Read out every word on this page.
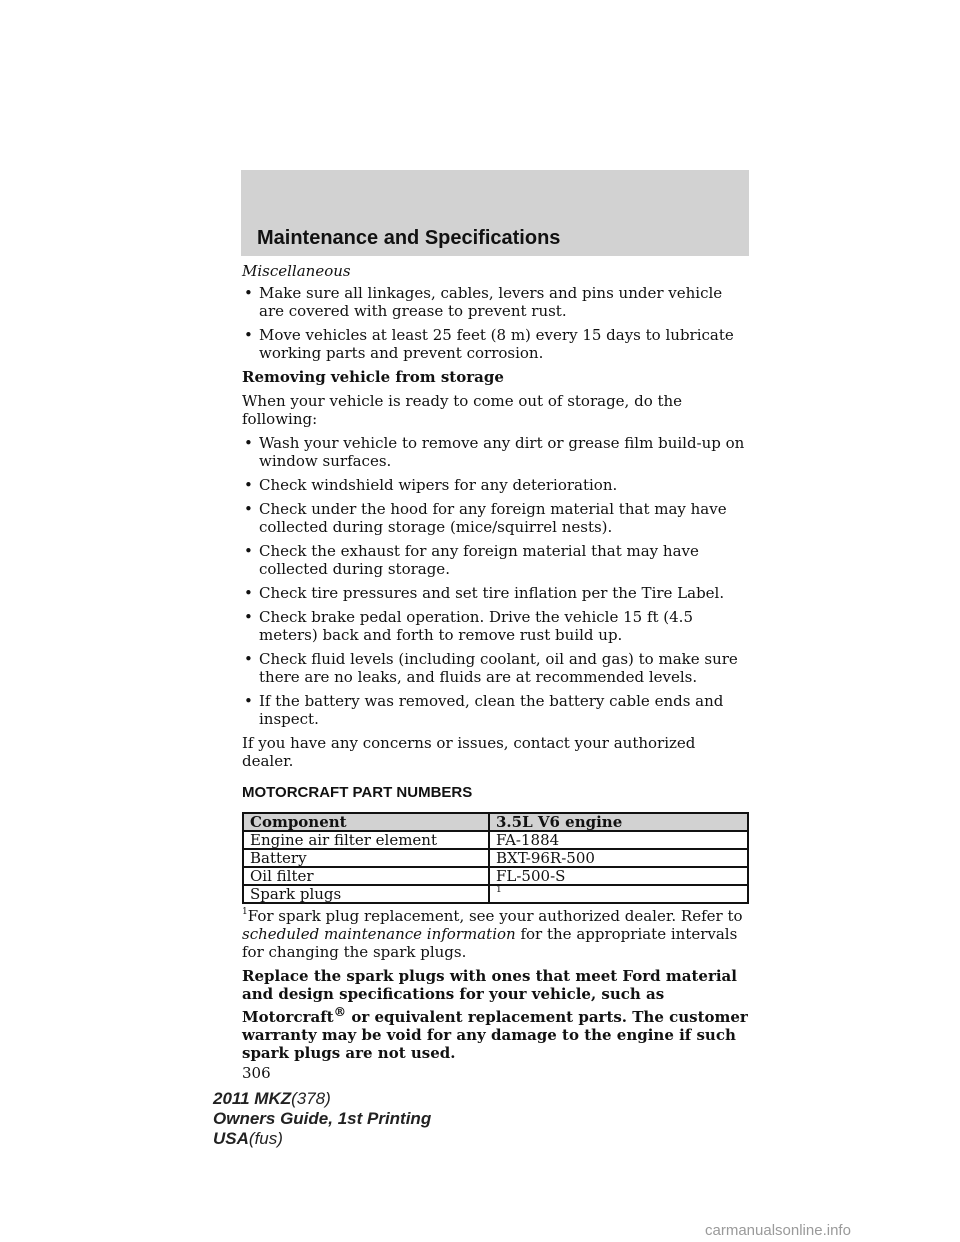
Maintenance and Specifications

Miscellaneous

• Make sure all linkages, cables, levers and pins under vehicle are covered with grease to prevent rust.
• Move vehicles at least 25 feet (8 m) every 15 days to lubricate working parts and prevent corrosion.

Removing vehicle from storage

When your vehicle is ready to come out of storage, do the following:

• Wash your vehicle to remove any dirt or grease film build-up on window surfaces.
• Check windshield wipers for any deterioration.
• Check under the hood for any foreign material that may have collected during storage (mice/squirrel nests).
• Check the exhaust for any foreign material that may have collected during storage.
• Check tire pressures and set tire inflation per the Tire Label.
• Check brake pedal operation. Drive the vehicle 15 ft (4.5 meters) back and forth to remove rust build up.
• Check fluid levels (including coolant, oil and gas) to make sure there are no leaks, and fluids are at recommended levels.
• If the battery was removed, clean the battery cable ends and inspect.

If you have any concerns or issues, contact your authorized dealer.

MOTORCRAFT PART NUMBERS

Component	3.5L V6 engine
Engine air filter element	FA-1884
Battery	BXT-96R-500
Oil filter	FL-500-S
Spark plugs	$^1$

$^1$For spark plug replacement, see your authorized dealer. Refer to scheduled maintenance information for the appropriate intervals for changing the spark plugs.

Replace the spark plugs with ones that meet Ford material and design specifications for your vehicle, such as Motorcraft® or equivalent replacement parts. The customer warranty may be void for any damage to the engine if such spark plugs are not used.

306

2011 MKZ(378)
Owners Guide, 1st Printing
USA(fus)
carmanualsonline.info
